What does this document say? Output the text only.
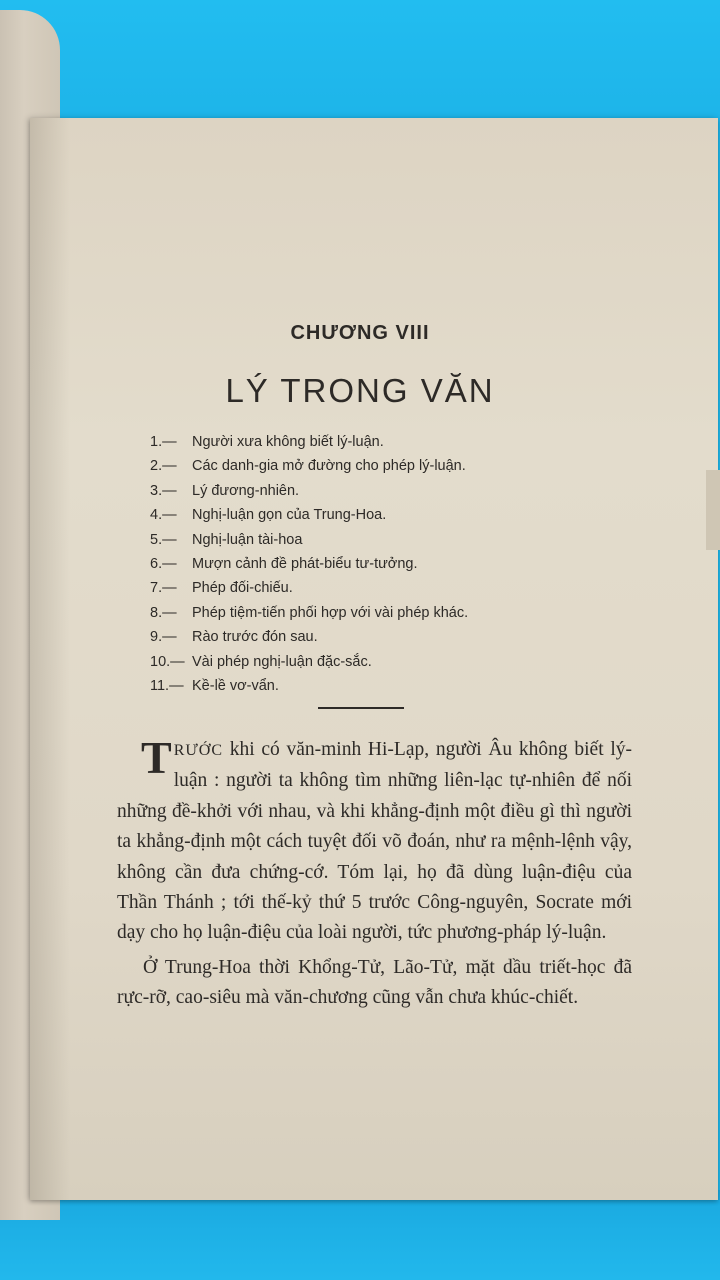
CHƯƠNG VIII
LÝ TRONG VĂN
1.—	Người xưa không biết lý-luận.
2.—	Các danh-gia mở đường cho phép lý-luận.
3.—	Lý đương-nhiên.
4.—	Nghị-luận gọn của Trung-Hoa.
5.—	Nghị-luận tài-hoa
6.—	Mượn cảnh đề phát-biểu tư-tưởng.
7.—	Phép đối-chiếu.
8.—	Phép tiệm-tiến phối hợp với vài phép khác.
9.—	Rào trước đón sau.
10.— Vài phép nghị-luận đặc-sắc.
11.— Kề-lề vơ-vẩn.

TRƯỚC khi có văn-minh Hi-Lạp, người Âu không biết lý-luận : người ta không tìm những liên-lạc tự-nhiên để nối những đề-khởi với nhau, và khi khẳng-định một điều gì thì người ta khẳng-định một cách tuyệt đối võ đoán, như ra mệnh-lệnh vậy, không cần đưa chứng-cớ. Tóm lại, họ đã dùng luận-điệu của Thần Thánh ; tới thế-kỷ thứ 5 trước Công-nguyên, Socrate mới dạy cho họ luận-điệu của loài người, tức phương-pháp lý-luận.

Ở Trung-Hoa thời Khổng-Tử, Lão-Tử, mặt dầu triết-học đã rực-rỡ, cao-siêu mà văn-chương cũng vẫn chưa khúc-chiết.
